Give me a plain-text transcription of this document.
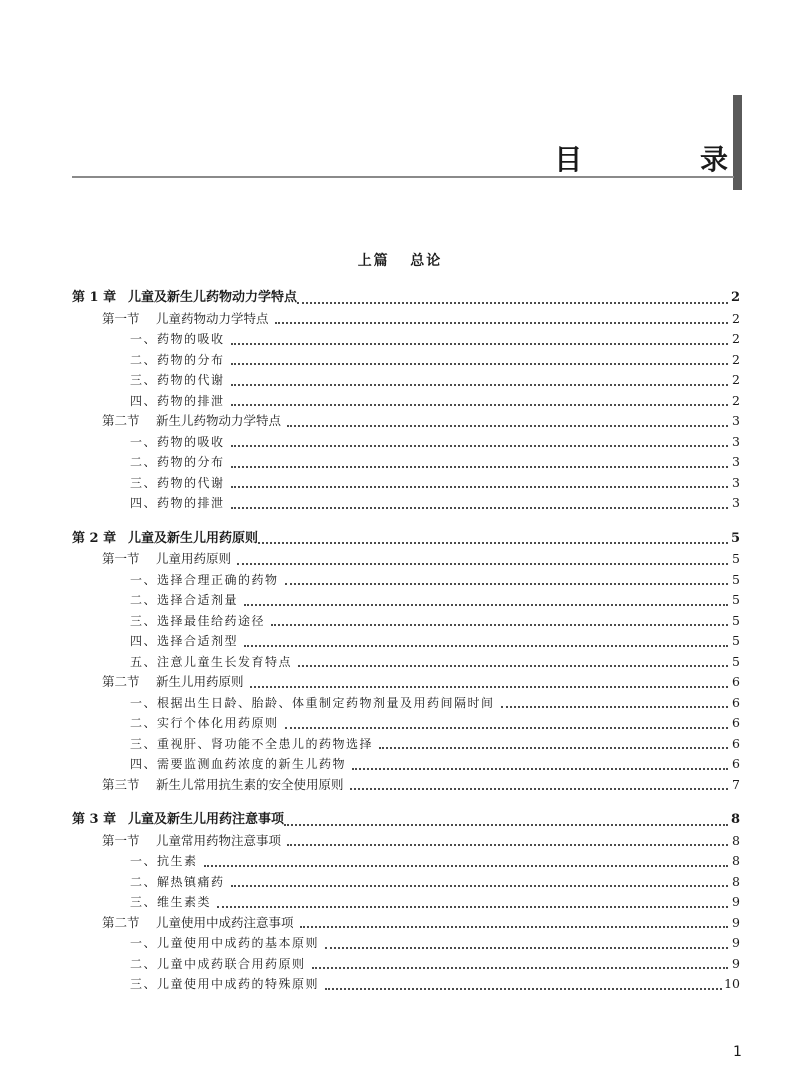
目 录
上篇   总论
第 1 章 儿童及新生儿药物动力学特点	2
第一节	儿童药物动力学特点	2
一、药物的吸收	2
二、药物的分布	2
三、药物的代谢	2
四、药物的排泄	2
第二节	新生儿药物动力学特点	3
一、药物的吸收	3
二、药物的分布	3
三、药物的代谢	3
四、药物的排泄	3
第 2 章 儿童及新生儿用药原则	5
第一节	儿童用药原则	5
一、选择合理正确的药物	5
二、选择合适剂量	5
三、选择最佳给药途径	5
四、选择合适剂型	5
五、注意儿童生长发育特点	5
第二节	新生儿用药原则	6
一、根据出生日龄、胎龄、体重制定药物剂量及用药间隔时间	6
二、实行个体化用药原则	6
三、重视肝、肾功能不全患儿的药物选择	6
四、需要监测血药浓度的新生儿药物	6
第三节	新生儿常用抗生素的安全使用原则	7
第 3 章 儿童及新生儿用药注意事项	8
第一节	儿童常用药物注意事项	8
一、抗生素	8
二、解热镇痛药	8
三、维生素类	9
第二节	儿童使用中成药注意事项	9
一、儿童使用中成药的基本原则	9
二、儿童中成药联合用药原则	9
三、儿童使用中成药的特殊原则	10
1
